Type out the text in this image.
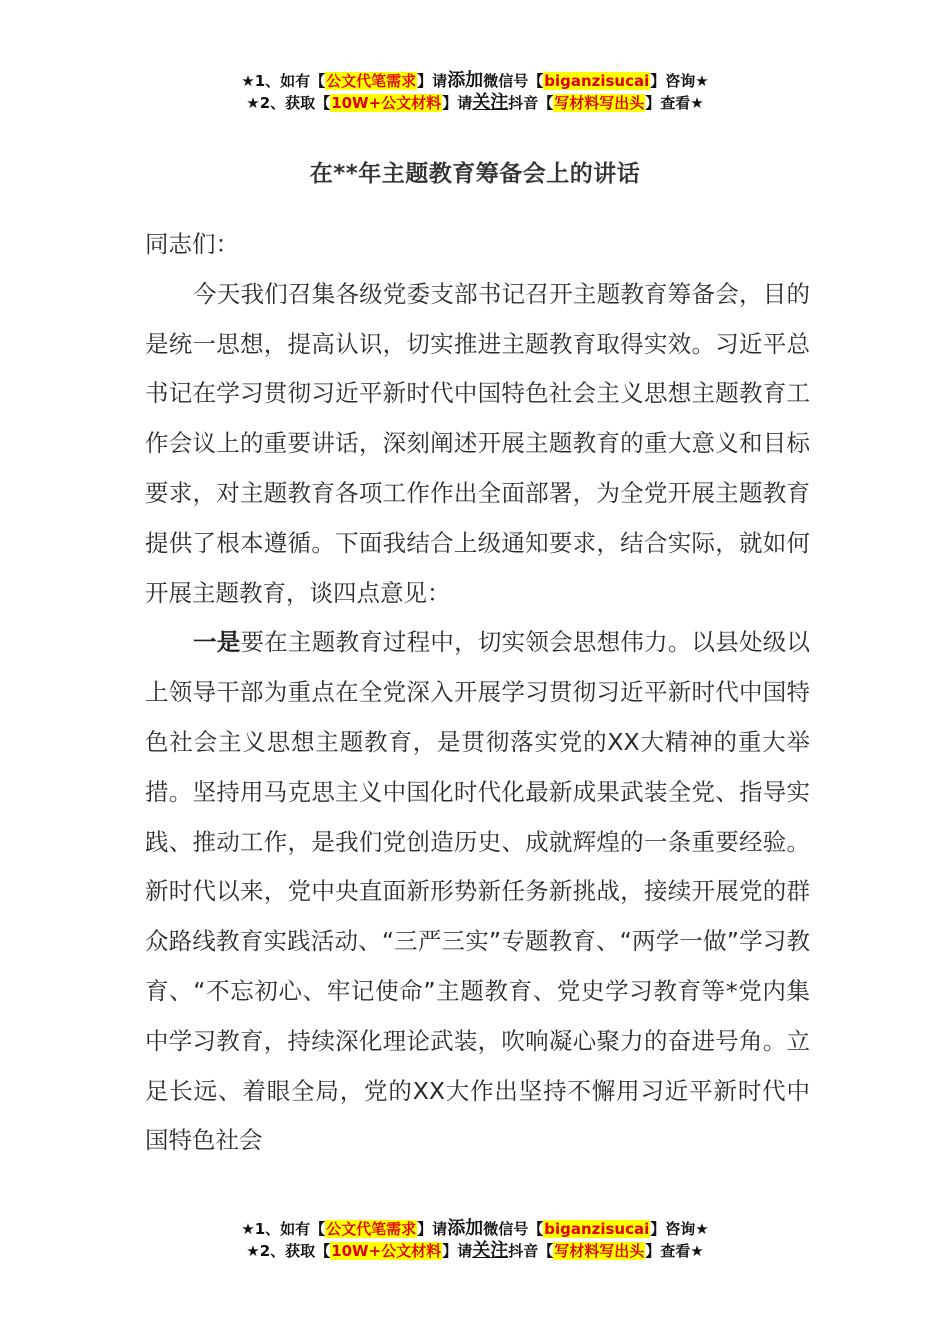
★1、如有【公文代笔需求】请添加微信号【biganzisucai】咨询★
★2、获取【10W+公文材料】请关注抖音【写材料写出头】查看★
在**年主题教育筹备会上的讲话

同志们：

今天我们召集各级党委支部书记召开主题教育筹备会，目的是统一思想，提高认识，切实推进主题教育取得实效。习近平总书记在学习贯彻习近平新时代中国特色社会主义思想主题教育工作会议上的重要讲话，深刻阐述开展主题教育的重大意义和目标要求，对主题教育各项工作作出全面部署，为全党开展主题教育提供了根本遵循。下面我结合上级通知要求，结合实际，就如何开展主题教育，谈四点意见：

一是要在主题教育过程中，切实领会思想伟力。以县处级以上领导干部为重点在全党深入开展学习贯彻习近平新时代中国特色社会主义思想主题教育，是贯彻落实党的XX大精神的重大举措。坚持用马克思主义中国化时代化最新成果武装全党、指导实践、推动工作，是我们党创造历史、成就辉煌的一条重要经验。新时代以来，党中央直面新形势新任务新挑战，接续开展党的群众路线教育实践活动、“三严三实”专题教育、“两学一做”学习教育、“不忘初心、牢记使命”主题教育、党史学习教育等*党内集中学习教育，持续深化理论武装，吹响凝心聚力的奋进号角。立足长远、着眼全局，党的XX大作出坚持不懈用习近平新时代中国特色社会

★1、如有【公文代笔需求】请添加微信号【biganzisucai】咨询★
★2、获取【10W+公文材料】请关注抖音【写材料写出头】查看★
